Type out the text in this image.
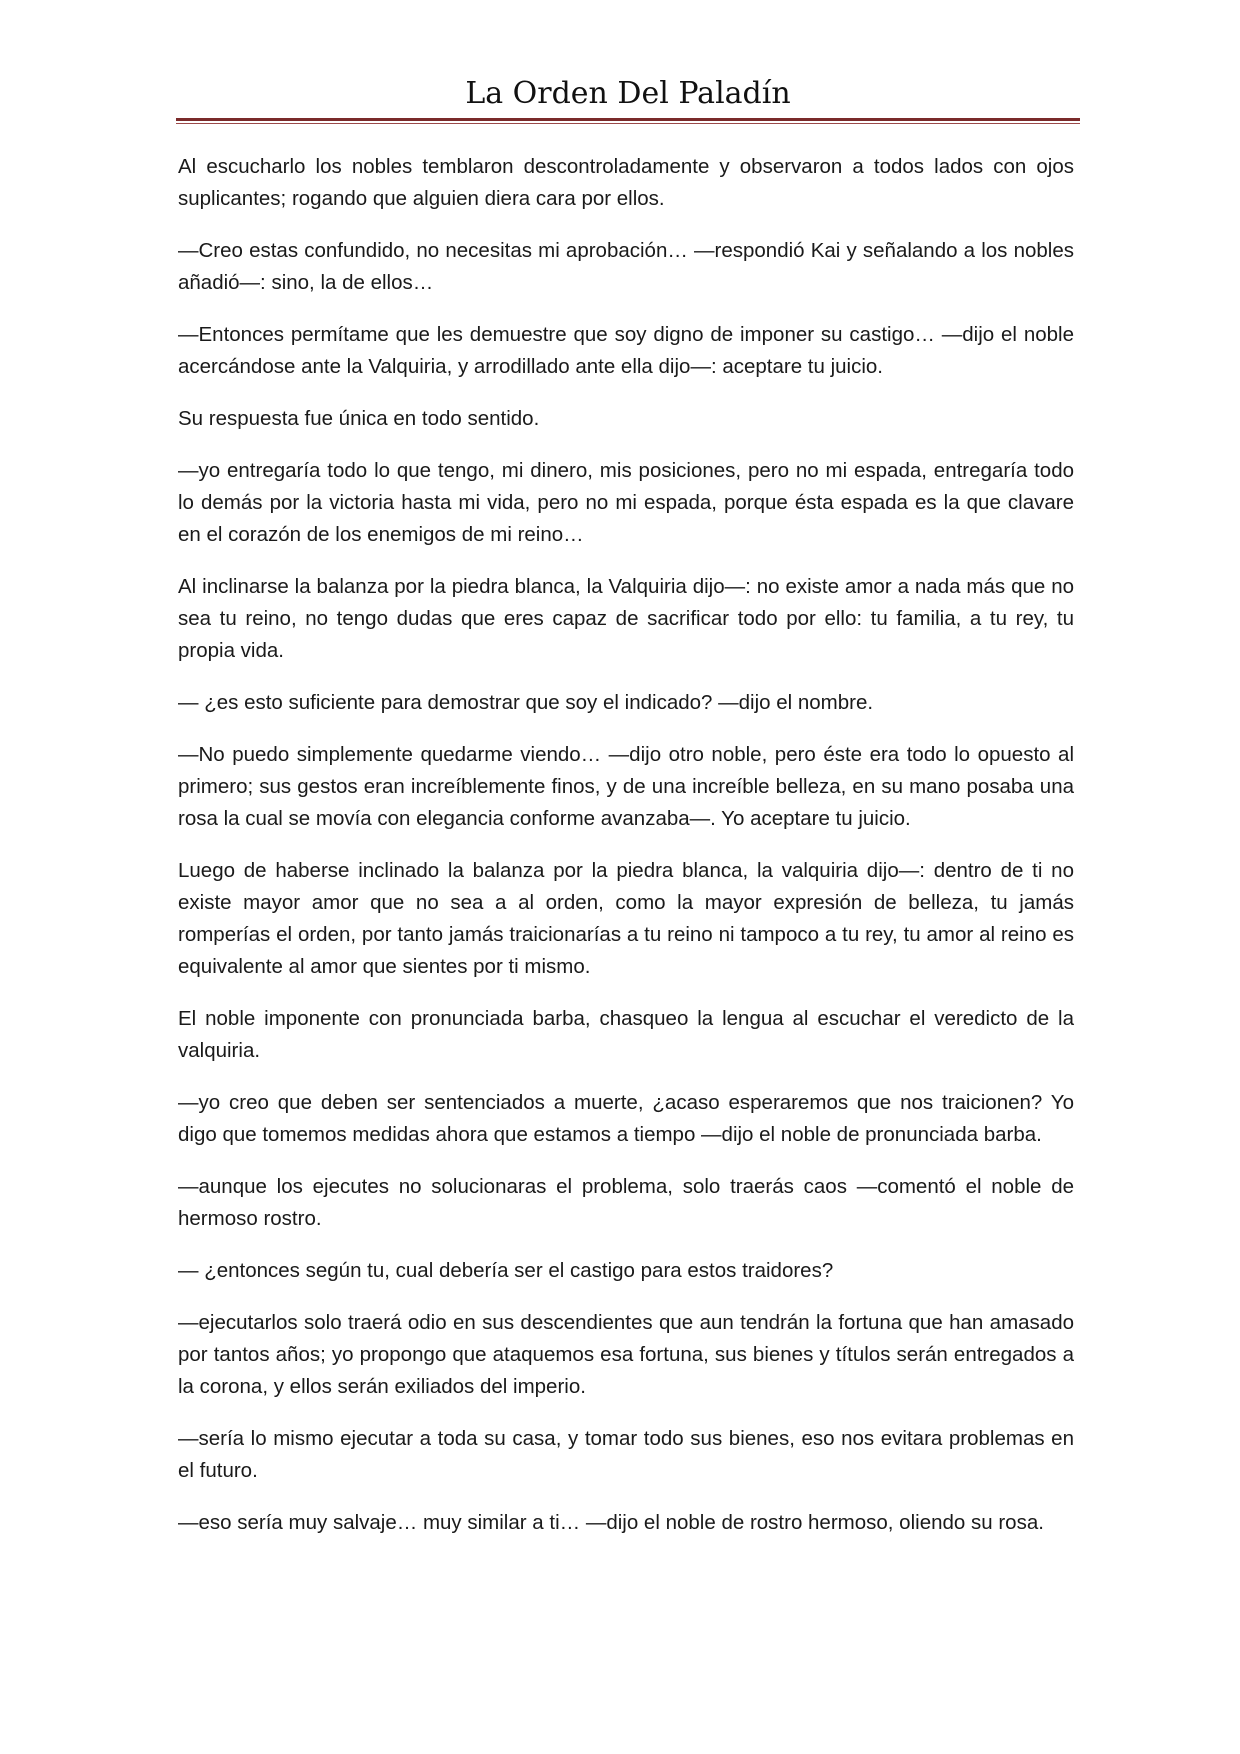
La Orden Del Paladín

Al escucharlo los nobles temblaron descontroladamente y observaron a todos lados con ojos suplicantes; rogando que alguien diera cara por ellos.

—Creo estas confundido, no necesitas mi aprobación… —respondió Kai y señalando a los nobles añadió—: sino, la de ellos…

—Entonces permítame que les demuestre que soy digno de imponer su castigo… —dijo el noble acercándose ante la Valquiria, y arrodillado ante ella dijo—: aceptare tu juicio.

Su respuesta fue única en todo sentido.

—yo entregaría todo lo que tengo, mi dinero, mis posiciones, pero no mi espada, entregaría todo lo demás por la victoria hasta mi vida, pero no mi espada, porque ésta espada es la que clavare en el corazón de los enemigos de mi reino…

Al inclinarse la balanza por la piedra blanca, la Valquiria dijo—: no existe amor a nada más que no sea tu reino, no tengo dudas que eres capaz de sacrificar todo por ello: tu familia, a tu rey, tu propia vida.

— ¿es esto suficiente para demostrar que soy el indicado? —dijo el nombre.

—No puedo simplemente quedarme viendo… —dijo otro noble, pero éste era todo lo opuesto al primero; sus gestos eran increíblemente finos, y de una increíble belleza, en su mano posaba una rosa la cual se movía con elegancia conforme avanzaba—. Yo aceptare tu juicio.

Luego de haberse inclinado la balanza por la piedra blanca, la valquiria dijo—: dentro de ti no existe mayor amor que no sea a al orden, como la mayor expresión de belleza, tu jamás romperías el orden, por tanto jamás traicionarías a tu reino ni tampoco a tu rey, tu amor al reino es equivalente al amor que sientes por ti mismo.

El noble imponente con pronunciada barba, chasqueo la lengua al escuchar el veredicto de la valquiria.

—yo creo que deben ser sentenciados a muerte, ¿acaso esperaremos que nos traicionen? Yo digo que tomemos medidas ahora que estamos a tiempo —dijo el noble de pronunciada barba.

—aunque los ejecutes no solucionaras el problema, solo traerás caos —comentó el noble de hermoso rostro.

— ¿entonces según tu, cual debería ser el castigo para estos traidores?

—ejecutarlos solo traerá odio en sus descendientes que aun tendrán la fortuna que han amasado por tantos años; yo propongo que ataquemos esa fortuna, sus bienes y títulos serán entregados a la corona, y ellos serán exiliados del imperio.

—sería lo mismo ejecutar a toda su casa, y tomar todo sus bienes, eso nos evitara problemas en el futuro.

—eso sería muy salvaje… muy similar a ti… —dijo el noble de rostro hermoso, oliendo su rosa.
